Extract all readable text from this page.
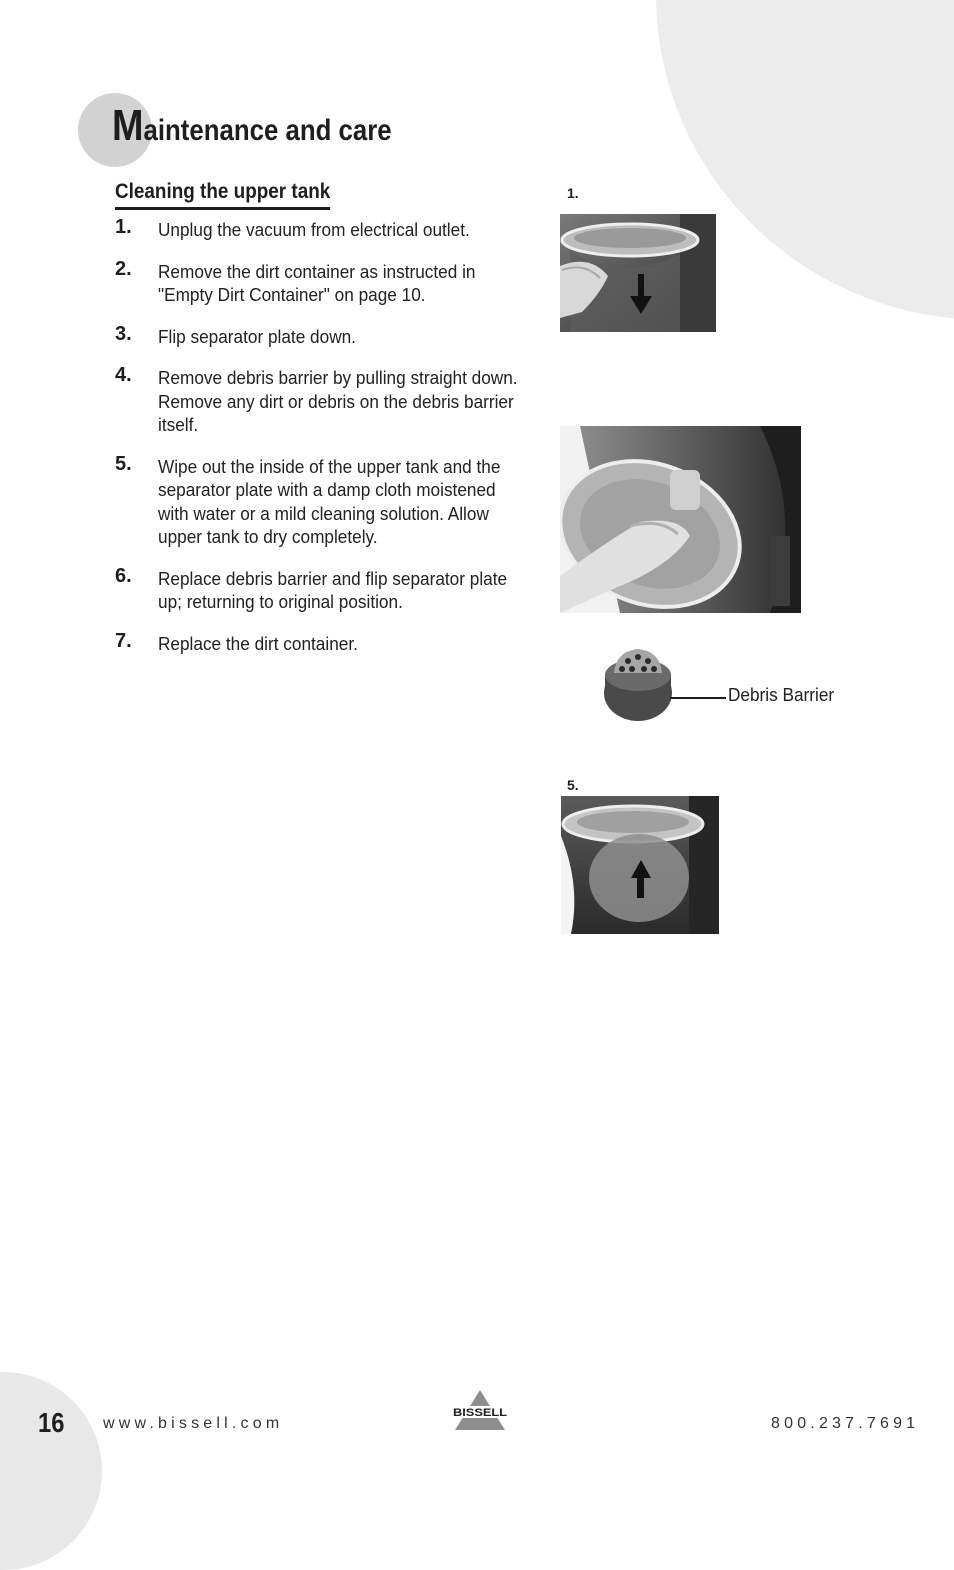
Maintenance and care
Cleaning the upper tank
1. Unplug the vacuum from electrical outlet.
2. Remove the dirt container as instructed in "Empty Dirt Container" on page 10.
3. Flip separator plate down.
4. Remove debris barrier by pulling straight down. Remove any dirt or debris on the debris barrier itself.
5. Wipe out the inside of the upper tank and the separator plate with a damp cloth moistened with water or a mild cleaning solution. Allow upper tank to dry completely.
6. Replace debris barrier and flip separator plate up; returning to original position.
7. Replace the dirt container.
1.
Debris Barrier
5.
16 www.bissell.com
BISSELL
800.237.7691
